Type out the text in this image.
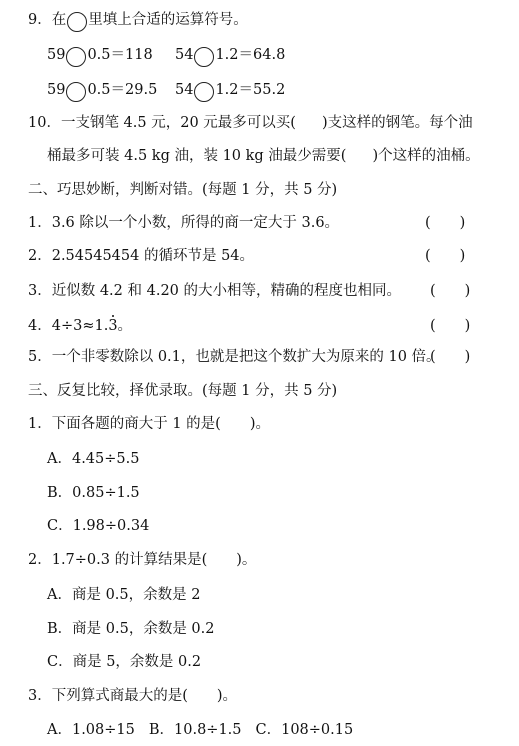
9．在 里填上合适的运算符号。
59 0.5＝118 54 1.2＝64.8
59 0.5＝29.5 54 1.2＝55.2
10．一支钢笔 4.5 元，20 元最多可以买( )支这样的钢笔。每个油
桶最多可装 4.5 kg 油，装 10 kg 油最少需要( )个这样的油桶。
二、巧思妙断，判断对错。(每题 1 分，共 5 分)
1．3.6 除以一个小数，所得的商一定大于 3.6。	(　　)
2．2.54545454 的循环节是 54。	(　　)
3．近似数 4.2 和 4.20 的大小相等，精确的程度也相同。 (　　)
4．4÷3≈1.3。	(　　)
5．一个非零数除以 0.1，也就是把这个数扩大为原来的 10 倍。
(　　)
三、反复比较，择优录取。(每题 1 分，共 5 分)
1．下面各题的商大于 1 的是(　　)。
A．4.45÷5.5
B．0.85÷1.5
C．1.98÷0.34
2．1.7÷0.3 的计算结果是(　　)。
A．商是 0.5，余数是 2
B．商是 0.5，余数是 0.2
C．商是 5，余数是 0.2
3．下列算式商最大的是(　　)。
A．1.08÷15 B．10.8÷1.5 C．108÷0.15
